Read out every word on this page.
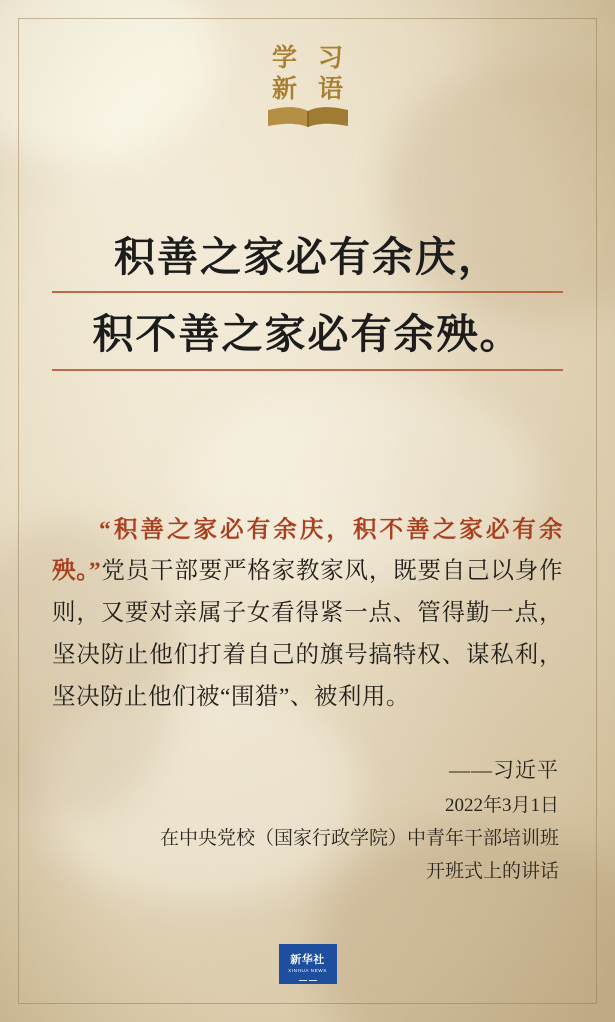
学 习
新 语
积善之家必有余庆，
积不善之家必有余殃。

“积善之家必有余庆，积不善之家必有余殃。”党员干部要严格家教家风，既要自己以身作则，又要对亲属子女看得紧一点、管得勤一点，坚决防止他们打着自己的旗号搞特权、谋私利，坚决防止他们被“围猎”、被利用。

——习近平
2022年3月1日
在中央党校（国家行政学院）中青年干部培训班
开班式上的讲话
新华社
XINHUA NEWS
